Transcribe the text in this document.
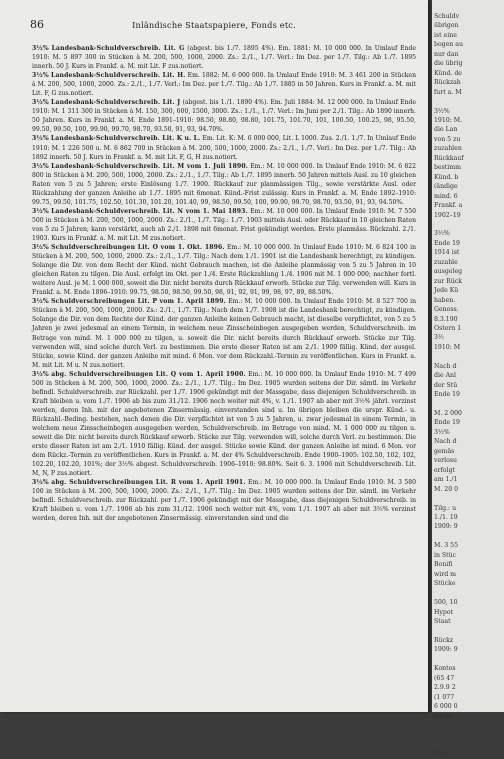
86	Inländische Staatspapiere, Fonds etc.

3½% Landesbank-Schuldverschreib. Lit. G (abgest. bis 1./7. 1895 4%). Em. 1881: M. 10 000 000. In Umlauf Ende 1910: M. 5 897 300 in Stücken à M. 200, 500, 1000, 2000. Zs.: 2./1., 1./7. Verl.: Im Dez. per 1./7. Tilg.: Ab 1./7. 1895 innerh. 50 J. Kurs in Frankf. a. M. mit Lit. F zus.notiert.

3½% Landesbank-Schuldverschreib. Lit. H. Em. 1882: M. 6 000 000. In Umlauf Ende 1910: M. 3 461 200 in Stücken à M. 200, 500, 1000, 2000. Zs.: 2./1., 1./7. Verl.: Im Dez. per 1./7. Tilg.: Ab 1./7. 1885 in 50 Jahren. Kurs in Frankf. a. M. mit Lit. F, G zus.notiert.

3½% Landesbank-Schuldverschreib. Lit. J (abgest. bis 1./1. 1890 4%). Em. Juli 1884: M. 12 000 000. In Umlauf Ende 1910: M. 1 311 300 in Stücken à M. 150, 300, 600, 1500, 3000. Zs.: 1./1., 1./7. Verl.: Im Juni per 2./1. Tilg.: Ab 1890 innerh. 50 Jahren. Kurs in Frankf. a. M. Ende 1891–1910: 98.50, 98.80, 98.80, 101.75, 101.70, 101, 100.50, 100.25, 98, 95.50, 99.50, 99.50, 100, 99.90, 99.70, 98.70, 93.50, 91, 93, 94.70%.

3½% Landesbank-Schuldverschreib. Lit. K u. L. Em. Lit. K: M. 6 000 000, Lit. L 1000. Zus. 2./1. 1./7. In Umlauf Ende 1910: M. 1 226 500 u. M. 6 862 700 in Stücken à M. 200, 500, 1000, 2000. Zs.: 2./1., 1./7. Verl.: Im Dez. per 1./7. Tilg.: Ab 1892 innerh. 50 J. Kurs in Frankf. a. M. mit Lit. F, G, H zus.notiert.

3½% Landesbank-Schuldverschreib. Lit. M vom 1. Juli 1890. Em.: M. 10 000 000. In Umlauf Ende 1910: M. 6 822 800 in Stücken à M. 200, 500, 1000, 2000. Zs.: 2./1., 1./7. Tilg.: Ab 1./7. 1895 innerh. 50 Jahren mittels Ausl. zu 10 gleichen Raten von 5 zu 5 Jahren; erste Einlösung 1./7. 1900. Rückkauf zur planmässigen Tilg., sowie verstärkte Ausl. oder Rückzahlung der ganzen Anleihe ab 1./7. 1895 mit 6monat. Künd.-Frist zulässig. Kurs in Frankf. a. M. Ende 1892–1910: 99.75, 99.50, 101.75, 102.50, 101.30, 101.20, 101.40, 99, 98.50, 99.50, 100, 99.90, 99.70, 98.70, 93.50, 91, 93, 94.50%.

3½% Landesbank-Schuldverschreib. Lit. N vom 1. Mai 1893. Em.: M. 10 000 000. In Umlauf Ende 1910: M. 7 550 500 in Stücken à M. 200, 500, 1000, 2000. Zs.: 2./1., 1./7. Tilg.: 1./7. 1903 mittels Ausl. oder Rückkauf in 10 gleichen Raten von 5 zu 5 Jahren; kann verstärkt, auch ab 2./1. 1898 mit 6monat. Frist gekündigt werden. Erste planmäss. Rückzahl. 2./1. 1903. Kurs in Frankf. a. M. mit Lit. M zus.notiert.

3½% Schuldverschreibungen Lit. O vom 1. Okt. 1896. Em.: M. 10 000 000. In Umlauf Ende 1910: M. 6 824 100 in Stücken à M. 200, 500, 1000, 2000. Zs.: 2./1., 1./7. Tilg.: Nach dem 1./1. 1901 ist die Landesbank berechtigt, zu kündigen. Solange die Dir. von dem Recht der Künd. nicht Gebrauch machen, ist die Anleihe planmässig von 5 zu 5 Jahren in 10 gleichen Raten zu tilgen. Die Ausl. erfolgt im Okt. per 1./4. Erste Rückzahlung 1./4. 1906 mit M. 1 000 000; nachher fortl. weitere Ausl. je M. 1 000 000, soweit die Dir. nicht bereits durch Rückkauf erworb. Stücke zur Tilg. verwenden will. Kurs in Frankf. a. M. Ende 1896–1910: 99.75, 98.50, 98.50, 99.50, 98, 91, 92, 91, 99, 98, 97, 89, 88.50%.

3½% Schuldverschreibungen Lit. P vom 1. April 1899. Em.: M. 10 000 000. In Umlauf Ende 1910: M. 8 527 700 in Stücken à M. 200, 500, 1000, 2000. Zs.: 2./1., 1./7. Tilg.: Nach dem 1./7. 1908 ist die Landesbank berechtigt, zu kündigen. Solange die Dir. von dem Rechte der Künd. der ganzen Anleihe keinen Gebrauch macht, ist dieselbe verpflichtet, von 5 zu 5 Jahren je zwei jedesmal an einem Termin, in welchem neue Zinsscheinbogen ausgegeben werden, Schuldverschreib. im Betrage von mind. M. 1 000 000 zu tilgen, u. soweit die Dir. nicht bereits durch Rückkauf erworb. Stücke zur Tilg. verwenden will, sind solche durch Verl. zu bestimmen. Die erste dieser Raten ist am 2./1. 1909 fällig. Künd. der ausgel. Stücke, sowie Künd. der ganzen Anleihe mit mind. 6 Mon. vor dem Rückzahl.-Termin zu veröffentlichen. Kurs in Frankf. a. M. mit Lit. M u. N zus.notiert.

3½% abg. Schuldverschreibungen Lit. Q vom 1. April 1900. Em.: M. 10 000 000. In Umlauf Ende 1910: M. 7 499 500 in Stücken à M. 200, 500, 1000, 2000. Zs.: 2./1., 1./7. Tilg.: Im Dez. 1905 wurden seitens der Dir. sämtl. im Verkehr befindl. Schuldverschreib. zur Rückzahl. per 1./7. 1906 gekündigt mit der Massgabe, dass diejenigen Schuldverschreib. in Kraft bleiben u. vom 1./7. 1906 ab bis zum 31./12. 1906 noch weiter mit 4%, v. 1./1. 1907 ab aber mit 3½% jährl. verzinst werden, deren Inh. mit der angebotenen Zinsermässig. einverstanden sind u. Im übrigen bleiben die urspr. Künd.- u. Rückzahl.-Beding. bestehen, nach denen die Dir. verpflichtet ist von 5 zu 5 Jahren, u. zwar jedesmal in einem Termin, in welchem neue Zinsscheinbogen ausgegeben werden, Schuldverschreib. im Betrage von mind. M. 1 000 000 zu tilgen u. soweit die Dir. nicht bereits durch Rückkauf erworb. Stücke zur Tilg. verwenden will, solche durch Verl. zu bestimmen. Die erste dieser Raten ist am 2./1. 1910 fällig. Künd. der ausgel. Stücke sowie Künd. der ganzen Anleihe ist mind. 6 Mon. vor dem Rückz.-Termin zu veröffentlichen. Kurs in Frankf. a. M. der 4% Schuldverschreib. Ende 1900–1905: 102.50, 102, 102, 102.20, 102.20, 101%; der 3½% abgest. Schuldverschreib. 1906–1910: 98.80%. Seit 6. 3. 1906 mit Schuldverschreib. Lit. M, N, P zus.notiert.

3½% abg. Schuldverschreibungen Lit. R vom 1. April 1901. Em.: M. 10 000 000. In Umlauf Ende 1910: M. 3 580 100 in Stücken à M. 200, 500, 1000, 2000. Zs.: 2./1., 1./7. Tilg.: Im Dez. 1905 wurden seitens der Dir. sämtl. im Verkehr befindl. Schuldverschreib. zur Rückzahl. per 1./7. 1906 gekündigt mit der Massgabe, dass diejenigen Schuldverschreib. in Kraft bleiben u. vom 1./7. 1906 ab bis zum 31./12. 1906 noch weiter mit 4%, vom 1./1. 1907 ab aber mit 3½% verzinst werden, deren Inh. mit der angebotenen Zinsermässig. einverstanden sind und die

Schuldv
übrigen
ist eine
bogen au
nur dan
die übrig
Künd. de
Rückzah
furt a. M

3½%
1910: M.
die Lan
von 5 zu
zuzahlen
Rückkauf
bestimm
Künd. b
(ändige
mind. 6
Frankf. a
1902–19

3½%
Ende 19
1914 ist
zuzahle
ausgeleg
zur Rück
Jede Kü
haben.
Genoss.
8.3.190
Ostern 1
3½
1910: M

Nach d
die Anl
der Stü
Ende 19

M. 2 000
Ende 19
3½%
Nach d
gemäs
verlosu
erfolgt
am 1./1
M. 20 0

Tilg.: u
1./1. 19
1909: 9

M. 3 55
in Stüc
Bonifi
wird m
Stücke

500, 10
Hypot
Staat

Rückz
1909: 9

Kontos
(65 47
2.9.9 2
(1 077
6 000 0
Sa. M.

Verw
